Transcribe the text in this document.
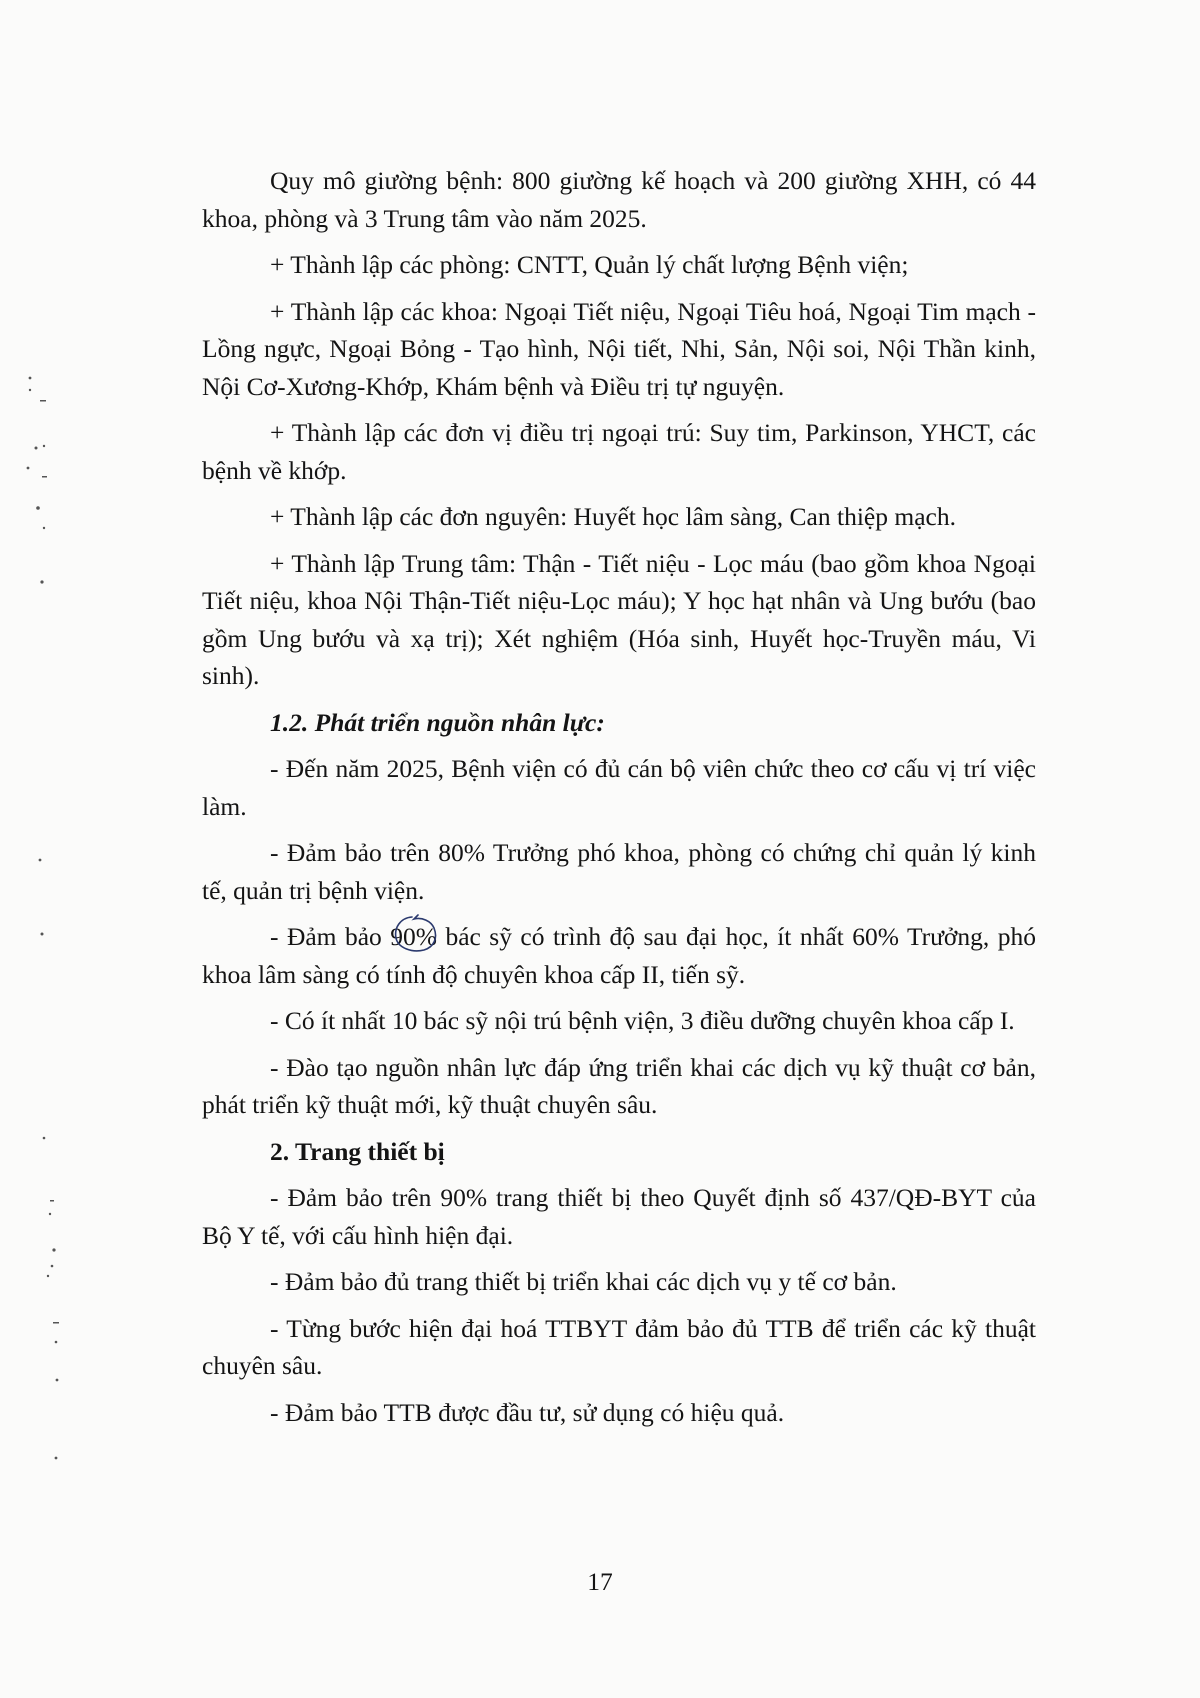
Quy mô giường bệnh: 800 giường kế hoạch và 200 giường XHH, có 44 khoa, phòng và 3 Trung tâm vào năm 2025.

+ Thành lập các phòng: CNTT, Quản lý chất lượng Bệnh viện;

+ Thành lập các khoa: Ngoại Tiết niệu, Ngoại Tiêu hoá, Ngoại Tim mạch - Lồng ngực, Ngoại Bỏng - Tạo hình, Nội tiết, Nhi, Sản, Nội soi, Nội Thần kinh, Nội Cơ-Xương-Khớp, Khám bệnh và Điều trị tự nguyện.

+ Thành lập các đơn vị điều trị ngoại trú: Suy tim, Parkinson, YHCT, các bệnh về khớp.

+ Thành lập các đơn nguyên: Huyết học lâm sàng, Can thiệp mạch.

+ Thành lập Trung tâm: Thận - Tiết niệu - Lọc máu (bao gồm khoa Ngoại Tiết niệu, khoa Nội Thận-Tiết niệu-Lọc máu); Y học hạt nhân và Ung bướu (bao gồm Ung bướu và xạ trị); Xét nghiệm (Hóa sinh, Huyết học-Truyền máu, Vi sinh).

1.2. Phát triển nguồn nhân lực:

- Đến năm 2025, Bệnh viện có đủ cán bộ viên chức theo cơ cấu vị trí việc làm.

- Đảm bảo trên 80% Trưởng phó khoa, phòng có chứng chỉ quản lý kinh tế, quản trị bệnh viện.

- Đảm bảo 90% bác sỹ có trình độ sau đại học, ít nhất 60% Trưởng, phó khoa lâm sàng có tính độ chuyên khoa cấp II, tiến sỹ.

- Có ít nhất 10 bác sỹ nội trú bệnh viện, 3 điều dưỡng chuyên khoa cấp I.

- Đào tạo nguồn nhân lực đáp ứng triển khai các dịch vụ kỹ thuật cơ bản, phát triển kỹ thuật mới, kỹ thuật chuyên sâu.

2. Trang thiết bị

- Đảm bảo trên 90% trang thiết bị theo Quyết định số 437/QĐ-BYT của Bộ Y tế, với cấu hình hiện đại.

- Đảm bảo đủ trang thiết bị triển khai các dịch vụ y tế cơ bản.

- Từng bước hiện đại hoá TTBYT đảm bảo đủ TTB để triển các kỹ thuật chuyên sâu.

- Đảm bảo TTB được đầu tư, sử dụng có hiệu quả.

17
